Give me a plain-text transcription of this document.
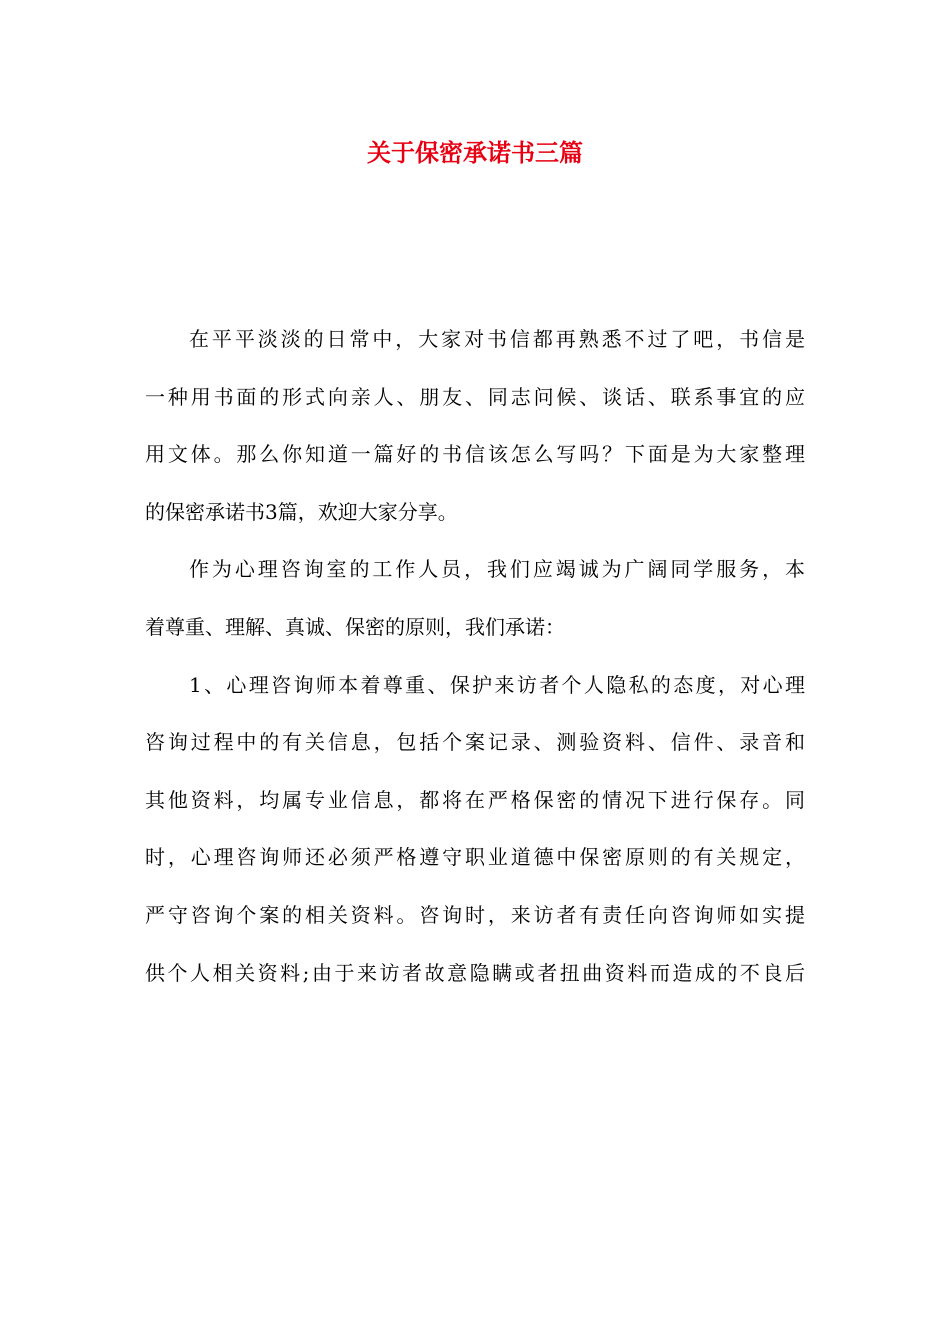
关于保密承诺书三篇
在平平淡淡的日常中，大家对书信都再熟悉不过了吧，书信是
一种用书面的形式向亲人、朋友、同志问候、谈话、联系事宜的应
用文体。那么你知道一篇好的书信该怎么写吗？下面是为大家整理
的保密承诺书3篇，欢迎大家分享。
作为心理咨询室的工作人员，我们应竭诚为广阔同学服务，本
着尊重、理解、真诚、保密的原则，我们承诺：
1、心理咨询师本着尊重、保护来访者个人隐私的态度，对心理
咨询过程中的有关信息，包括个案记录、测验资料、信件、录音和
其他资料，均属专业信息，都将在严格保密的情况下进行保存。同
时，心理咨询师还必须严格遵守职业道德中保密原则的有关规定，
严守咨询个案的相关资料。咨询时，来访者有责任向咨询师如实提
供个人相关资料;由于来访者故意隐瞒或者扭曲资料而造成的不良后
